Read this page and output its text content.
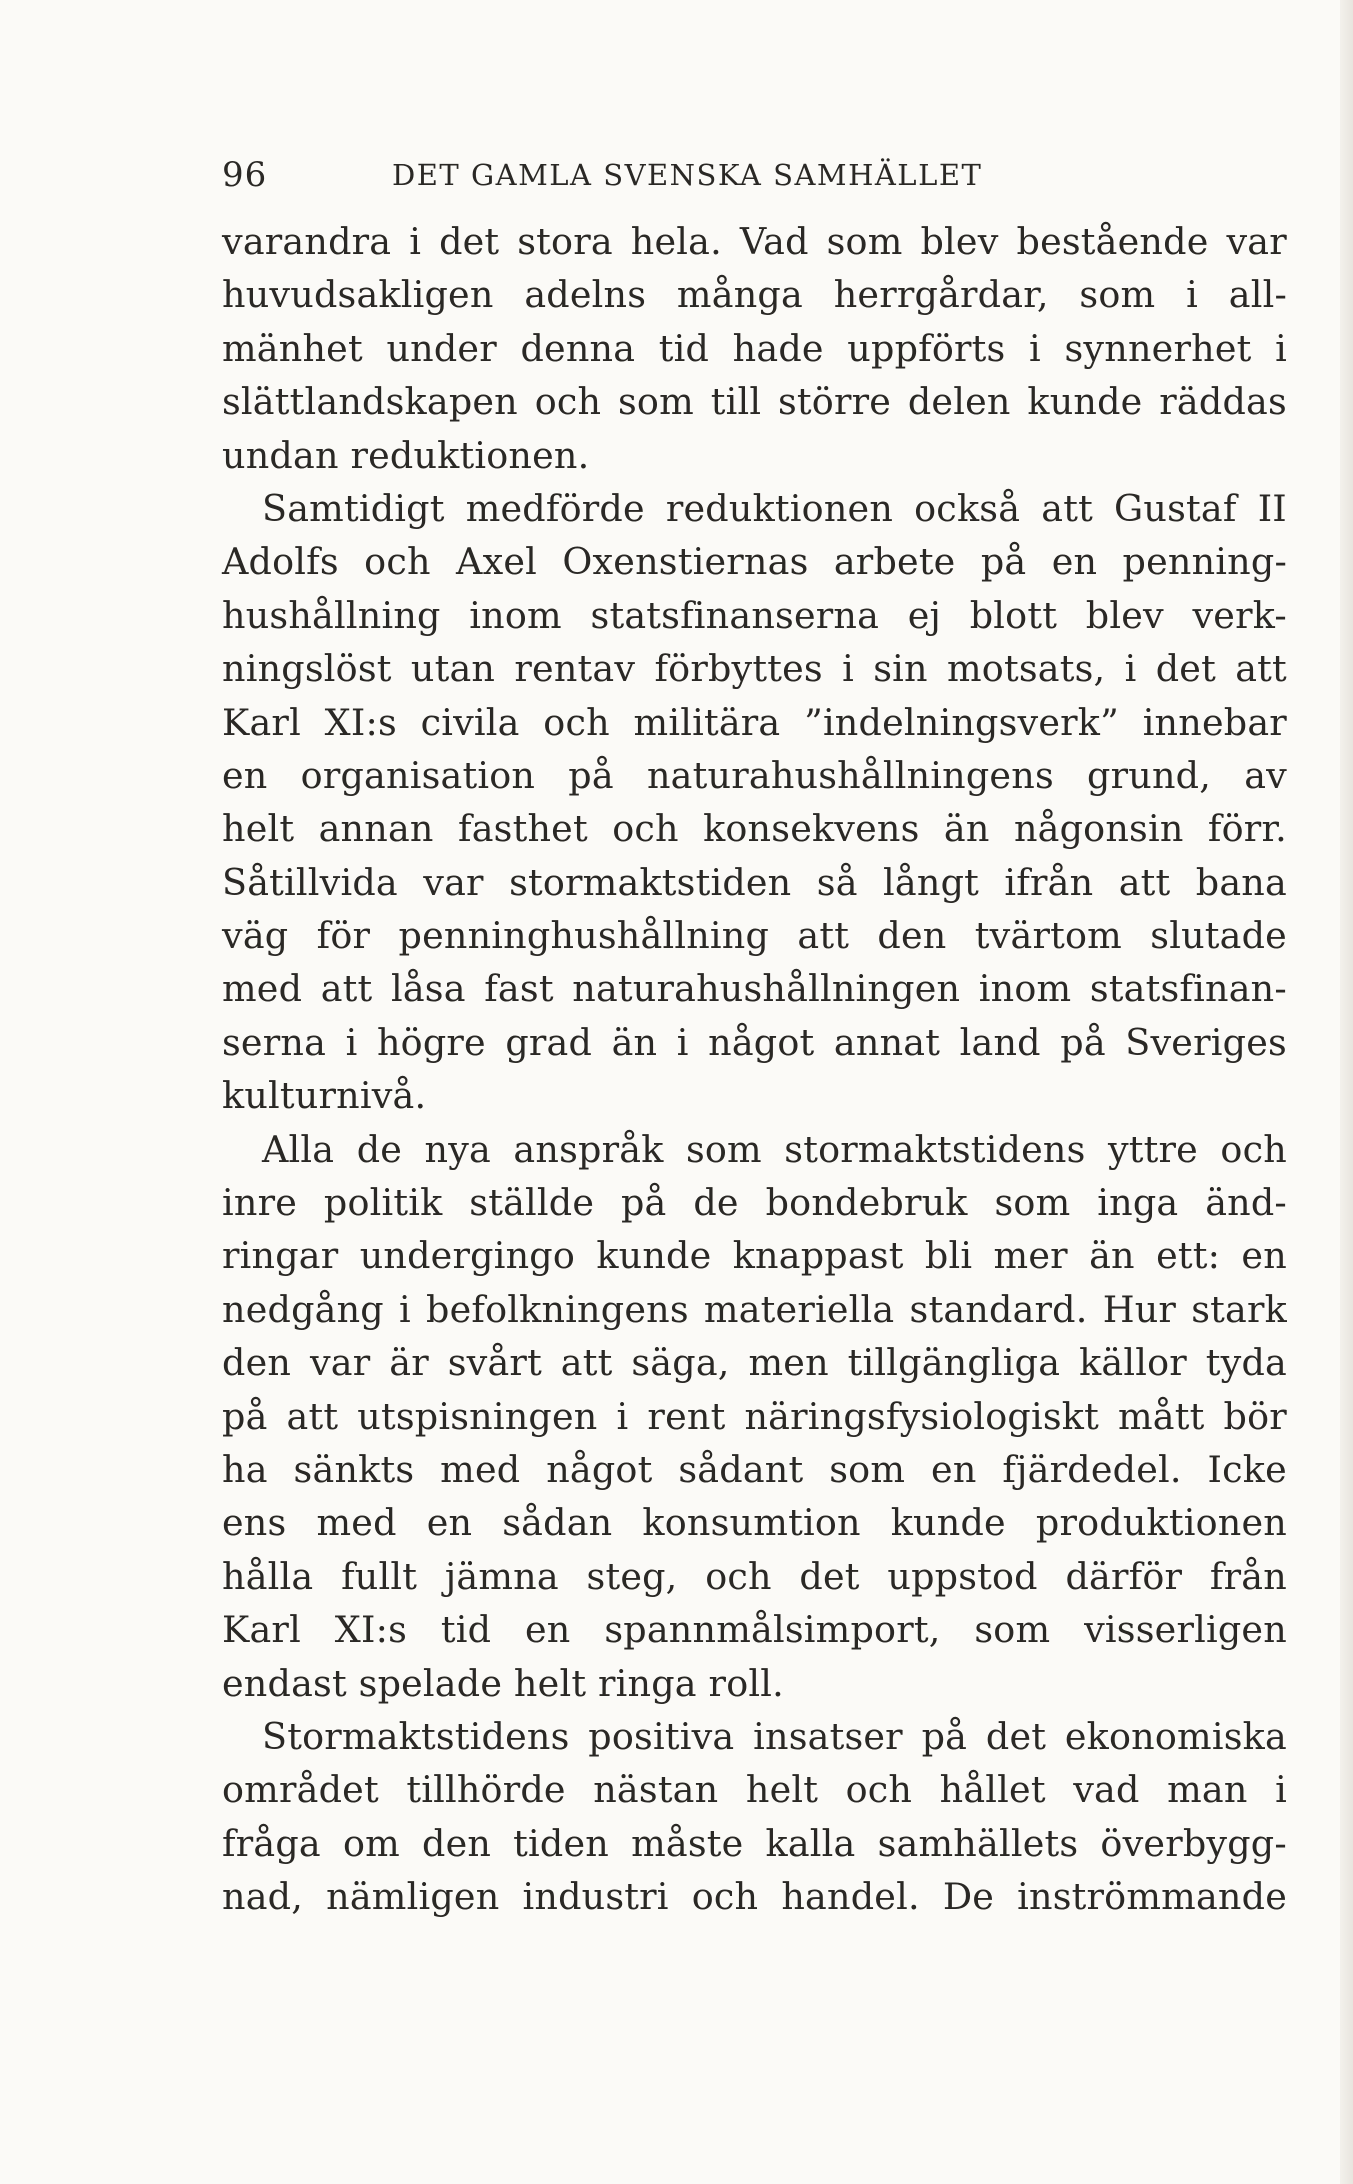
96	DET GAMLA SVENSKA SAMHÄLLET
varandra i det stora hela. Vad som blev bestående var
huvudsakligen adelns många herrgårdar, som i all-
mänhet under denna tid hade uppförts i synnerhet i
slättlandskapen och som till större delen kunde räddas
undan reduktionen.
Samtidigt medförde reduktionen också att Gustaf II
Adolfs och Axel Oxenstiernas arbete på en penning-
hushållning inom statsfinanserna ej blott blev verk-
ningslöst utan rentav förbyttes i sin motsats, i det att
Karl XI:s civila och militära ”indelningsverk” innebar
en organisation på naturahushållningens grund, av
helt annan fasthet och konsekvens än någonsin förr.
Såtillvida var stormaktstiden så långt ifrån att bana
väg för penninghushållning att den tvärtom slutade
med att låsa fast naturahushållningen inom statsfinan-
serna i högre grad än i något annat land på Sveriges
kulturnivå.
Alla de nya anspråk som stormaktstidens yttre och
inre politik ställde på de bondebruk som inga änd-
ringar undergingo kunde knappast bli mer än ett: en
nedgång i befolkningens materiella standard. Hur stark
den var är svårt att säga, men tillgängliga källor tyda
på att utspisningen i rent näringsfysiologiskt mått bör
ha sänkts med något sådant som en fjärdedel. Icke
ens med en sådan konsumtion kunde produktionen
hålla fullt jämna steg, och det uppstod därför från
Karl XI:s tid en spannmålsimport, som visserligen
endast spelade helt ringa roll.
Stormaktstidens positiva insatser på det ekonomiska
området tillhörde nästan helt och hållet vad man i
fråga om den tiden måste kalla samhällets överbygg-
nad, nämligen industri och handel. De inströmmande
